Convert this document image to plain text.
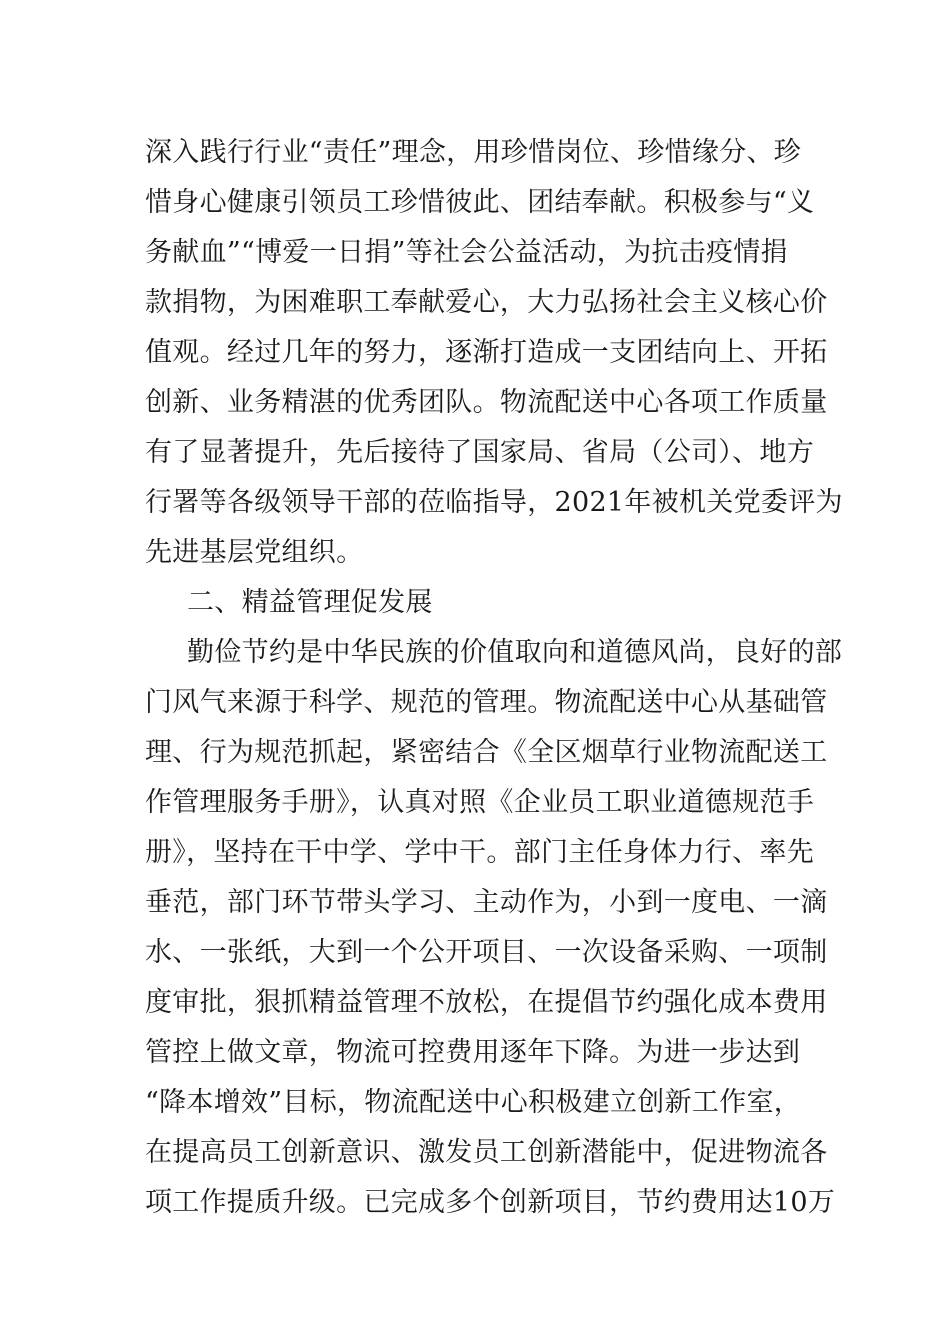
深入践行行业“责任”理念，用珍惜岗位、珍惜缘分、珍
惜身心健康引领员工珍惜彼此、团结奉献。积极参与“义
务献血”“博爱一日捐”等社会公益活动，为抗击疫情捐
款捐物，为困难职工奉献爱心，大力弘扬社会主义核心价
值观。经过几年的努力，逐渐打造成一支团结向上、开拓
创新、业务精湛的优秀团队。物流配送中心各项工作质量
有了显著提升，先后接待了国家局、省局（公司）、地方
行署等各级领导干部的莅临指导，2021年被机关党委评为
先进基层党组织。
二、精益管理促发展
勤俭节约是中华民族的价值取向和道德风尚，良好的部
门风气来源于科学、规范的管理。物流配送中心从基础管
理、行为规范抓起，紧密结合《全区烟草行业物流配送工
作管理服务手册》，认真对照《企业员工职业道德规范手
册》，坚持在干中学、学中干。部门主任身体力行、率先
垂范，部门环节带头学习、主动作为，小到一度电、一滴
水、一张纸，大到一个公开项目、一次设备采购、一项制
度审批，狠抓精益管理不放松，在提倡节约强化成本费用
管控上做文章，物流可控费用逐年下降。为进一步达到
“降本增效”目标，物流配送中心积极建立创新工作室，
在提高员工创新意识、激发员工创新潜能中，促进物流各
项工作提质升级。已完成多个创新项目，节约费用达10万
